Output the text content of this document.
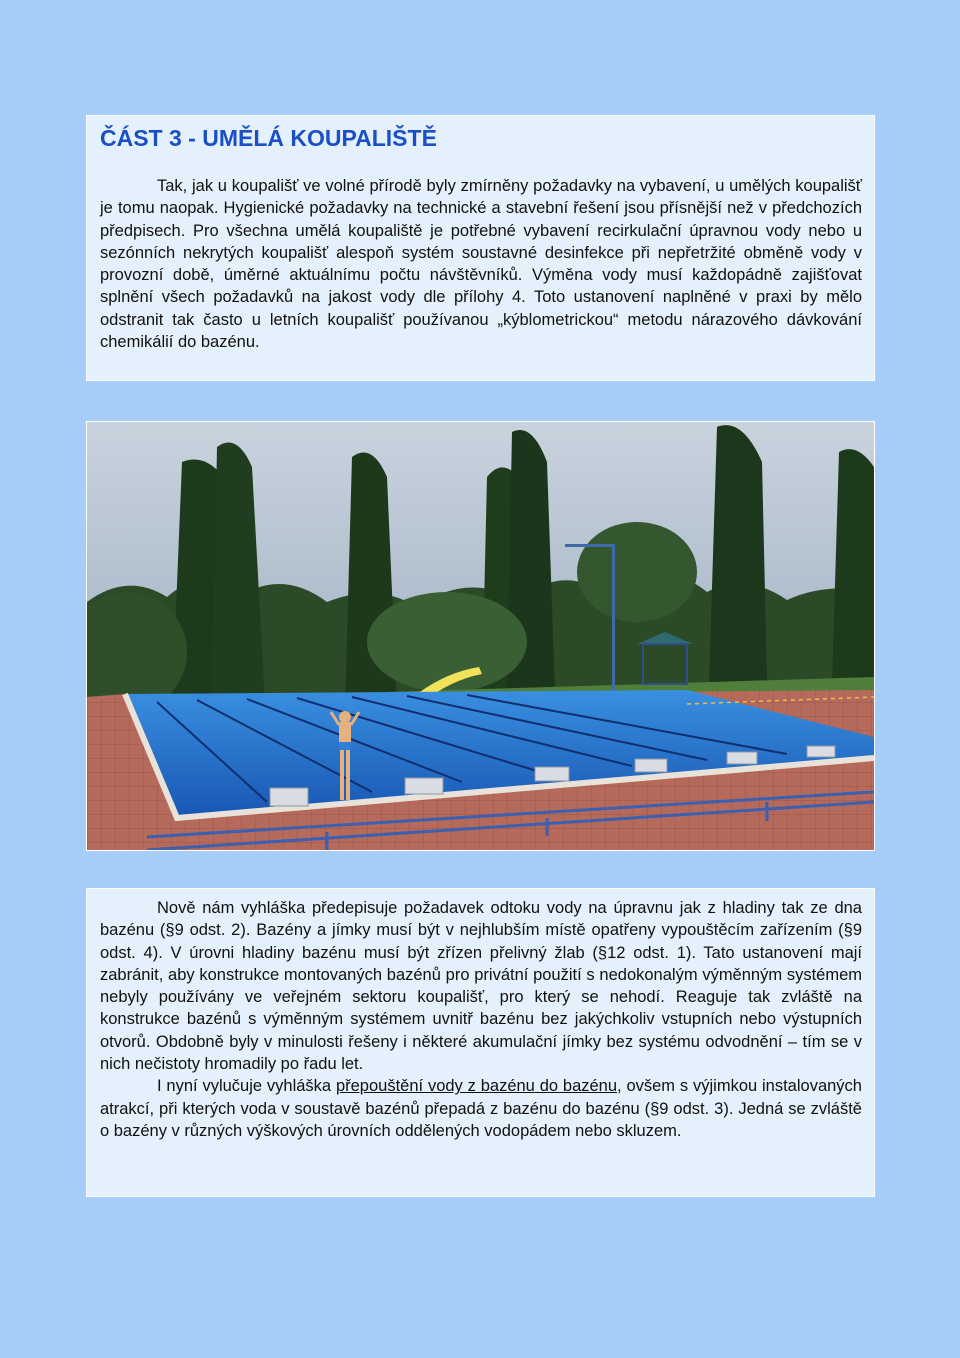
ČÁST 3 - UMĚLÁ KOUPALIŠTĚ

Tak, jak u koupališť ve volné přírodě byly zmírněny požadavky na vybavení, u umělých koupališť je tomu naopak. Hygienické požadavky na technické a stavební řešení jsou přísnější než v předchozích předpisech. Pro všechna umělá koupaliště je potřebné vybavení recirkulační úpravnou vody nebo u sezónních nekrytých koupališť alespoň systém soustavné desinfekce při nepřetržité obměně vody v provozní době, úměrné aktuálnímu počtu návštěvníků. Výměna vody musí každopádně zajišťovat splnění všech požadavků na jakost vody dle přílohy 4. Toto ustanovení naplněné v praxi by mělo odstranit tak často u letních koupališť používanou „kýblometrickou“ metodu nárazového dávkování chemikálií do bazénu.

Nově nám vyhláška předepisuje požadavek odtoku vody na úpravnu jak z hladiny tak ze dna bazénu (§9 odst. 2). Bazény a jímky musí být v nejhlubším místě opatřeny vypouštěcím zařízením (§9 odst. 4). V úrovni hladiny bazénu musí být zřízen přelivný žlab (§12 odst. 1). Tato ustanovení mají zabránit, aby konstrukce montovaných bazénů pro privátní použití s nedokonalým výměnným systémem nebyly používány ve veřejném sektoru koupališť, pro který se nehodí. Reaguje tak zvláště na konstrukce bazénů s výměnným systémem uvnitř bazénu bez jakýchkoliv vstupních nebo výstupních otvorů. Obdobně byly v minulosti řešeny i některé akumulační jímky bez systému odvodnění – tím se v nich nečistoty hromadily po řadu let.

I nyní vylučuje vyhláška přepouštění vody z bazénu do bazénu, ovšem s výjimkou instalovaných atrakcí, při kterých voda v soustavě bazénů přepadá z bazénu do bazénu (§9 odst. 3). Jedná se zvláště o bazény v různých výškových úrovních oddělených vodopádem nebo skluzem.
